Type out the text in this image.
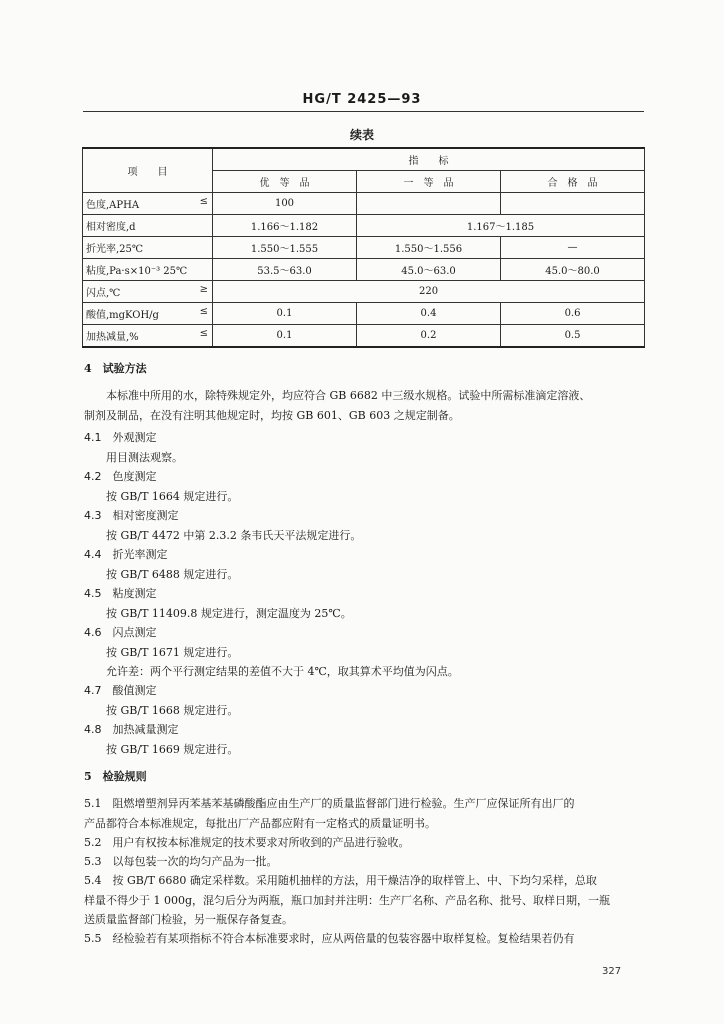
HG/T 2425—93
续表
项　　目	指　　标		
	优　等　品	一　等　品	合　格　品
色度,APHA ≤	100		
相对密度,d	1.166～1.182	1.167～1.185	
折光率,25℃	1.550～1.555	1.550～1.556	—
粘度,Pa·s×10⁻³ 25℃	53.5～63.0	45.0～63.0	45.0～80.0
闪点,℃ ≥	220		
酸值,mgKOH/g ≤	0.1	0.4	0.6
加热减量,% ≤	0.1	0.2	0.5
4　试验方法
本标准中所用的水，除特殊规定外，均应符合 GB 6682 中三级水规格。试验中所需标准滴定溶液、
制剂及制品，在没有注明其他规定时，均按 GB 601、GB 603 之规定制备。
4.1　 外观测定
用目测法观察。
4.2　 色度测定
按 GB/T 1664 规定进行。
4.3　 相对密度测定
按 GB/T 4472 中第 2.3.2 条韦氏天平法规定进行。
4.4　 折光率测定
按 GB/T 6488 规定进行。
4.5　 粘度测定
按 GB/T 11409.8 规定进行，测定温度为 25℃。
4.6　 闪点测定
按 GB/T 1671 规定进行。
允许差：两个平行测定结果的差值不大于 4℃，取其算术平均值为闪点。
4.7　 酸值测定
按 GB/T 1668 规定进行。
4.8　 加热减量测定
按 GB/T 1669 规定进行。
5　检验规则
5.1　阻燃增塑剂异丙苯基苯基磷酸酯应由生产厂的质量监督部门进行检验。生产厂应保证所有出厂的
产品都符合本标准规定，每批出厂产品都应附有一定格式的质量证明书。
5.2　用户有权按本标准规定的技术要求对所收到的产品进行验收。
5.3　以每包装一次的均匀产品为一批。
5.4　按 GB/T 6680 确定采样数。采用随机抽样的方法，用干燥洁净的取样管上、中、下均匀采样，总取
样量不得少于 1 000g，混匀后分为两瓶，瓶口加封并注明：生产厂名称、产品名称、批号、取样日期，一瓶
送质量监督部门检验，另一瓶保存备复查。
5.5　经检验若有某项指标不符合本标准要求时，应从两倍量的包装容器中取样复检。复检结果若仍有
327
